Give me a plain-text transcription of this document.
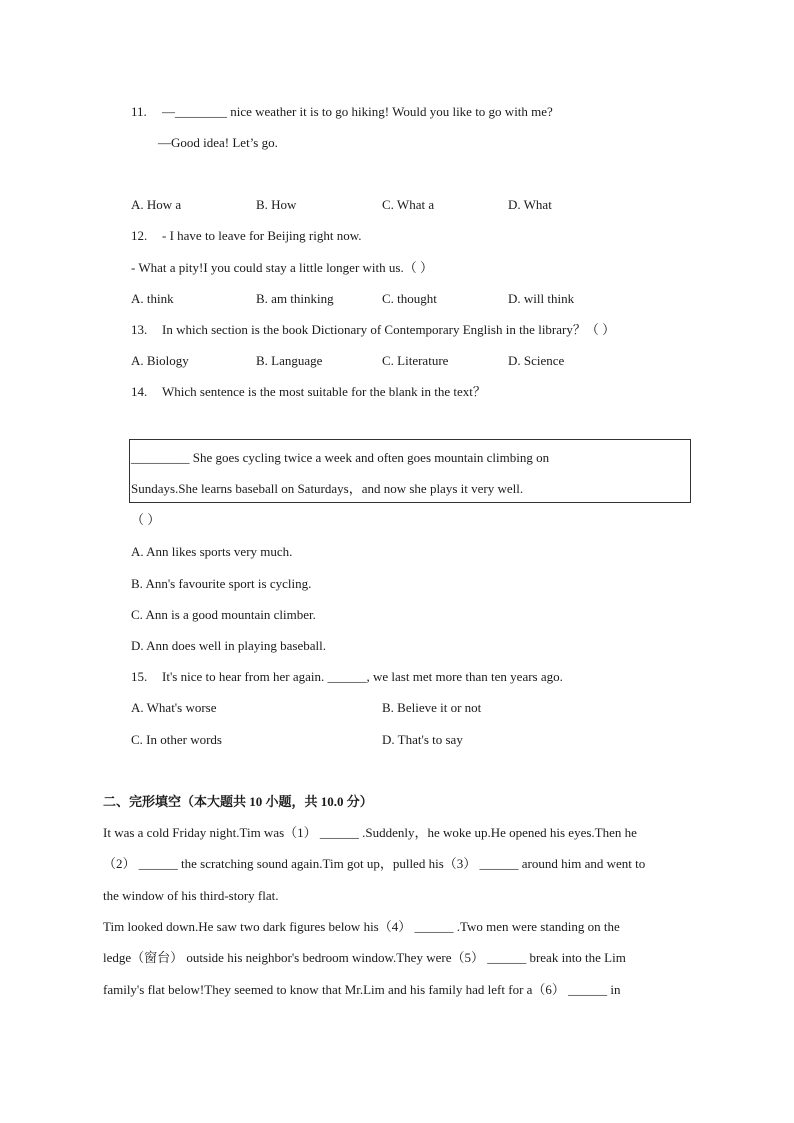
11. —________ nice weather it is to go hiking! Would you like to go with me?
—Good idea! Let’s go.
A. How a	B. How	C. What a	D. What
12. - I have to leave for Beijing right now.
- What a pity!I you could stay a little longer with us.（ ）
A. think	B. am thinking	C. thought	D. will think
13. In which section is the book Dictionary of Contemporary English in the library？（ ）
A. Biology	B. Language	C. Literature	D. Science
14. Which sentence is the most suitable for the blank in the text？
_________ She goes cycling twice a week and often goes mountain climbing on
Sundays.She learns baseball on Saturdays，and now she plays it very well.
（ ）
A. Ann likes sports very much.
B. Ann's favourite sport is cycling.
C. Ann is a good mountain climber.
D. Ann does well in playing baseball.
15. It's nice to hear from her again. ______, we last met more than ten years ago.
A. What's worse	B. Believe it or not
C. In other words	D. That's to say
二、完形填空（本大题共 10 小题，共 10.0 分）
It was a cold Friday night.Tim was（1） ______ .Suddenly，he woke up.He opened his eyes.Then he
（2） ______ the scratching sound again.Tim got up，pulled his（3） ______ around him and went to
the window of his third-story flat.
Tim looked down.He saw two dark figures below his（4） ______ .Two men were standing on the
ledge（窗台） outside his neighbor's bedroom window.They were（5） ______ break into the Lim
family's flat below!They seemed to know that Mr.Lim and his family had left for a（6） ______ in
